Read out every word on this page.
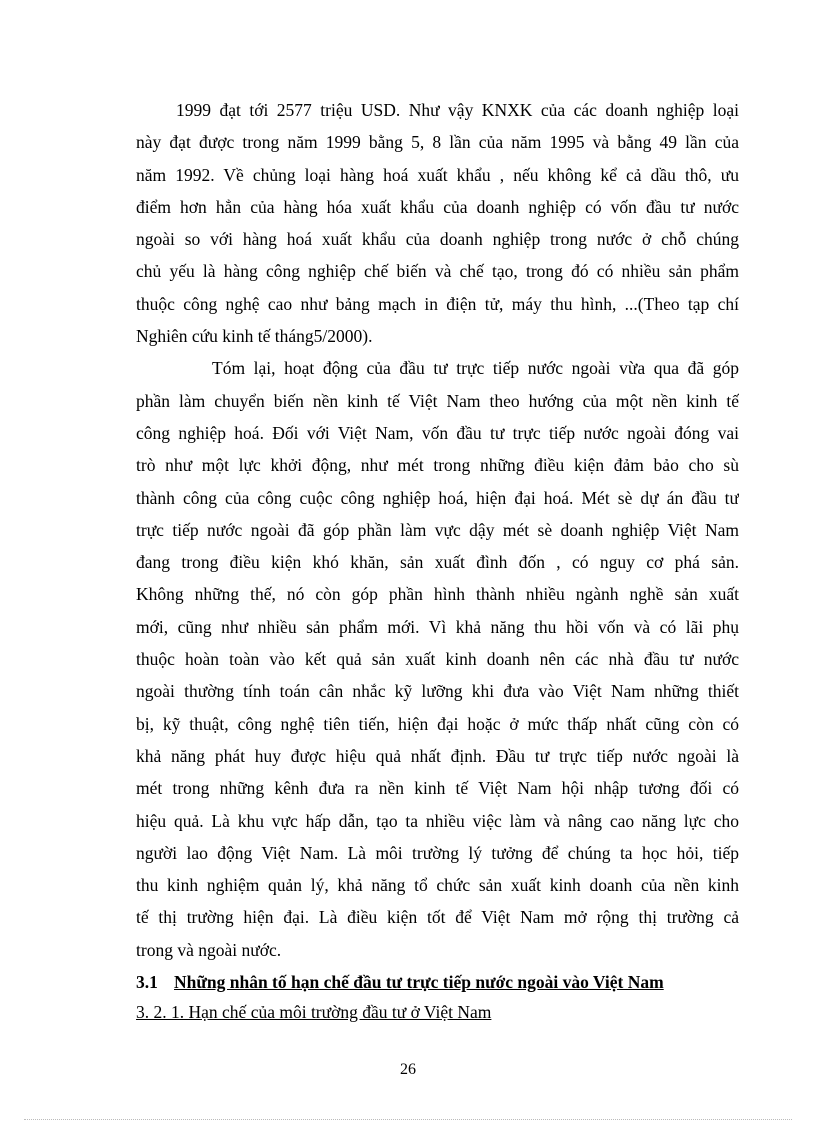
1999 đạt tới 2577 triệu USD. Như vậy KNXK của các doanh nghiệp loại
này đạt được trong năm 1999 bằng 5, 8 lần của năm 1995 và bằng 49 lần của
năm 1992. Về chủng loại hàng hoá xuất khẩu , nếu không kể cả dầu thô, ưu
điểm hơn hẳn của hàng hóa xuất khẩu của doanh nghiệp có vốn đầu tư nước
ngoài so với hàng hoá xuất khẩu của doanh nghiệp trong nước ở chỗ chúng
chủ yếu là hàng công nghiệp chế biến và chế tạo, trong đó có nhiều sản phẩm
thuộc công nghệ cao như bảng mạch in điện tử, máy thu hình, ...(Theo tạp chí
Nghiên cứu kinh tế tháng5/2000).
Tóm lại, hoạt động của đầu tư trực tiếp nước ngoài vừa qua đã góp
phần làm chuyển biến nền kinh tế Việt Nam theo hướng của một nền kinh tế
công nghiệp hoá. Đối với Việt Nam, vốn đầu tư trực tiếp nước ngoài đóng vai
trò như một lực khởi động, như mét trong những điều kiện đảm bảo cho sù
thành công của công cuộc công nghiệp hoá, hiện đại hoá. Mét sè dự án đầu tư
trực tiếp nước ngoài đã góp phần làm vực dậy mét sè doanh nghiệp Việt Nam
đang trong điều kiện khó khăn, sản xuất đình đốn , có nguy cơ phá sản.
Không những thế, nó còn góp phần hình thành nhiều ngành nghề sản xuất
mới, cũng như nhiều sản phẩm mới. Vì khả năng thu hồi vốn và có lãi phụ
thuộc hoàn toàn vào kết quả sản xuất kinh doanh nên các nhà đầu tư nước
ngoài thường tính toán cân nhắc kỹ lưỡng khi đưa vào Việt Nam những thiết
bị, kỹ thuật, công nghệ tiên tiến, hiện đại hoặc ở mức thấp nhất cũng còn có
khả năng phát huy được hiệu quả nhất định. Đầu tư trực tiếp nước ngoài là
mét trong những kênh đưa ra nền kinh tế Việt Nam hội nhập tương đối có
hiệu quả. Là khu vực hấp dẫn, tạo ta nhiều việc làm và nâng cao năng lực cho
người lao động Việt Nam. Là môi trường lý tưởng để chúng ta học hỏi, tiếp
thu kinh nghiệm quản lý, khả năng tổ chức sản xuất kinh doanh của nền kinh
tế thị trường hiện đại. Là điều kiện tốt để Việt Nam mở rộng thị trường cả
trong và ngoài nước.
3.1 Những nhân tố hạn chế đầu tư trực tiếp nước ngoài vào Việt Nam
3. 2. 1. Hạn chế của môi trường đầu tư ở Việt Nam
26
